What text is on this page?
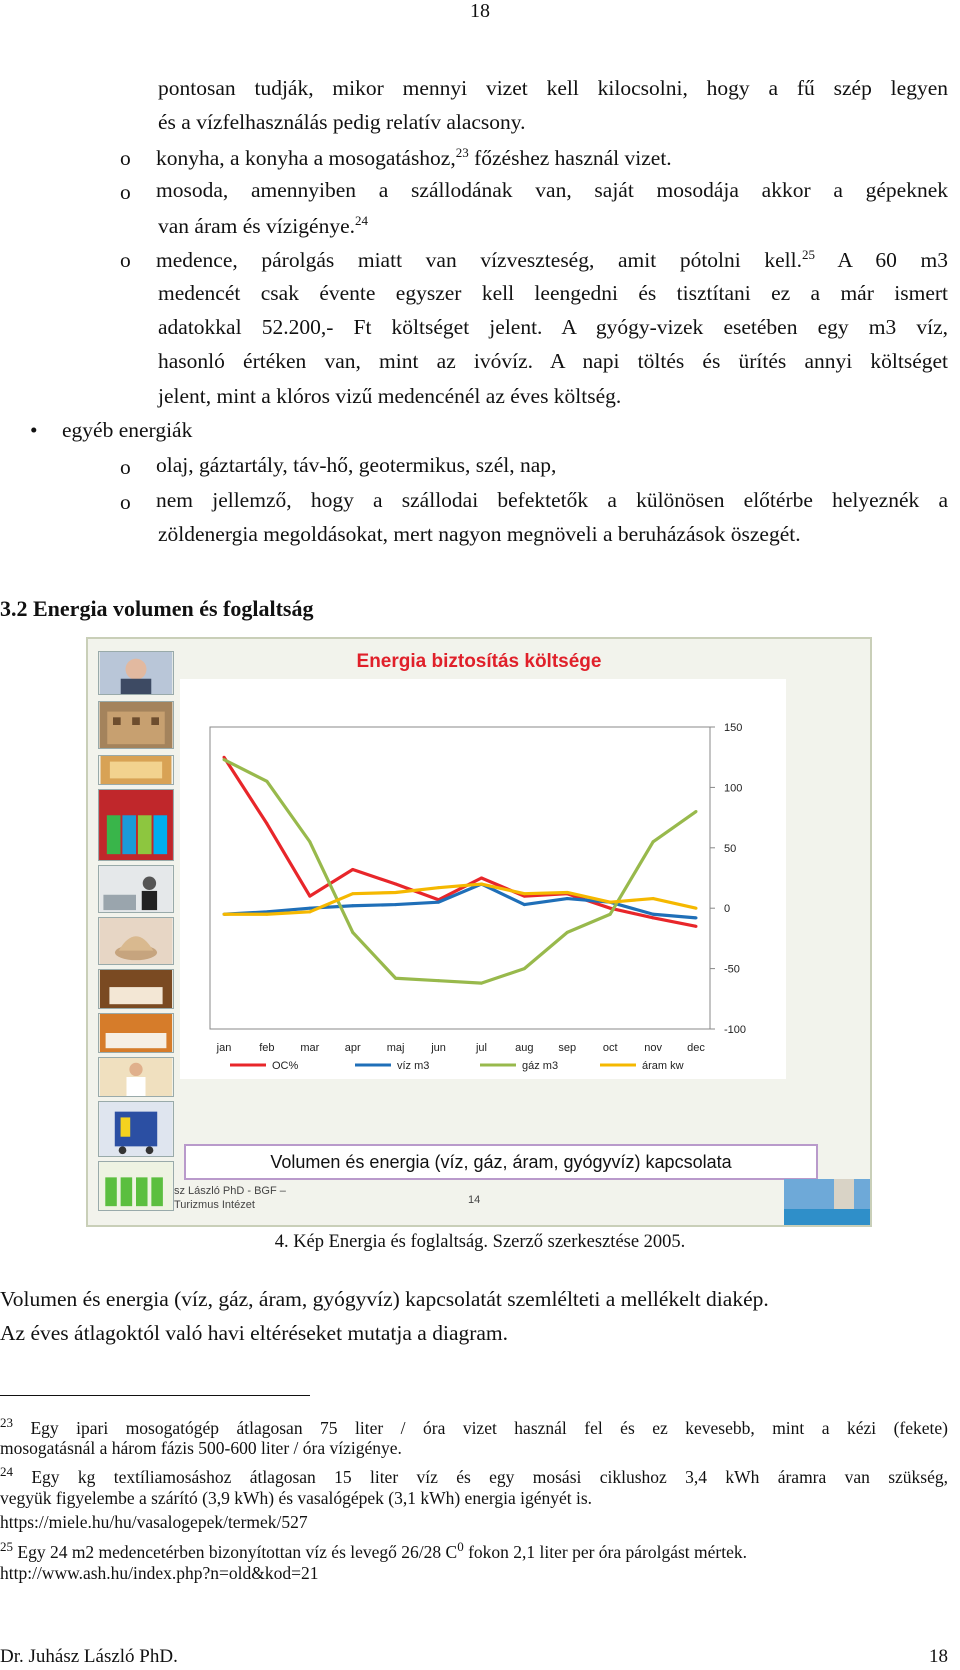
18
pontosan tudják, mikor mennyi vizet kell kilocsolni, hogy a fű szép legyen
és a vízfelhasználás pedig relatív alacsony.
o konyha, a konyha a mosogatáshoz,$^{23}$ főzéshez használ vizet.
o mosoda, amennyiben a szállodának van, saját mosodája akkor a gépeknek
van áram és vízigénye.$^{24}$
o medence, párolgás miatt van vízveszteség, amit pótolni kell.$^{25}$ A 60 m3
medencét csak évente egyszer kell leengedni és tisztítani ez a már ismert
adatokkal 52.200,- Ft költséget jelent. A gyógy-vizek esetében egy m3 víz,
hasonló értéken van, mint az ivóvíz. A napi töltés és ürítés annyi költséget
jelent, mint a klóros vizű medencénél az éves költség.
• egyéb energiák
o olaj, gáztartály, táv-hő, geotermikus, szél, nap,
o nem jellemző, hogy a szállodai befektetők a különösen előtérbe helyeznék a
zöldenergia megoldásokat, mert nagyon megnöveli a beruházások öszegét.
3.2 Energia volumen és foglaltság
Energia biztosítás költsége
150
100
50
0
-50
-100
jan	feb mar apr maj jun	jul	aug sep oct nov dec
OC%	víz m3	gáz m3	áram kw
Volumen és energia (víz, gáz, áram, gyógyvíz) kapcsolata
sz László PhD - BGF –
Turizmus Intézet	14
4. Kép Energia és foglaltság. Szerző szerkesztése 2005.
Volumen és energia (víz, gáz, áram, gyógyvíz) kapcsolatát szemlélteti a mellékelt diakép.
Az éves átlagoktól való havi eltéréseket mutatja a diagram.
$^{23}$ Egy ipari mosogatógép átlagosan 75 liter / óra vizet használ fel és ez kevesebb, mint a kézi (fekete)
mosogatásnál a három fázis 500-600 liter / óra vízigénye.
$^{24}$ Egy kg textíliamosáshoz átlagosan 15 liter víz és egy mosási ciklushoz 3,4 kWh áramra van szükség,
vegyük figyelembe a szárító (3,9 kWh) és vasalógépek (3,1 kWh) energia igényét is.
https://miele.hu/hu/vasalogepek/termek/527
$^{25}$ Egy 24 m2 medencetérben bizonyítottan víz és levegő 26/28 $C^0$ fokon 2,1 liter per óra párolgást mértek.
http://www.ash.hu/index.php?n=old&kod=21
Dr. Juhász László PhD.	18
